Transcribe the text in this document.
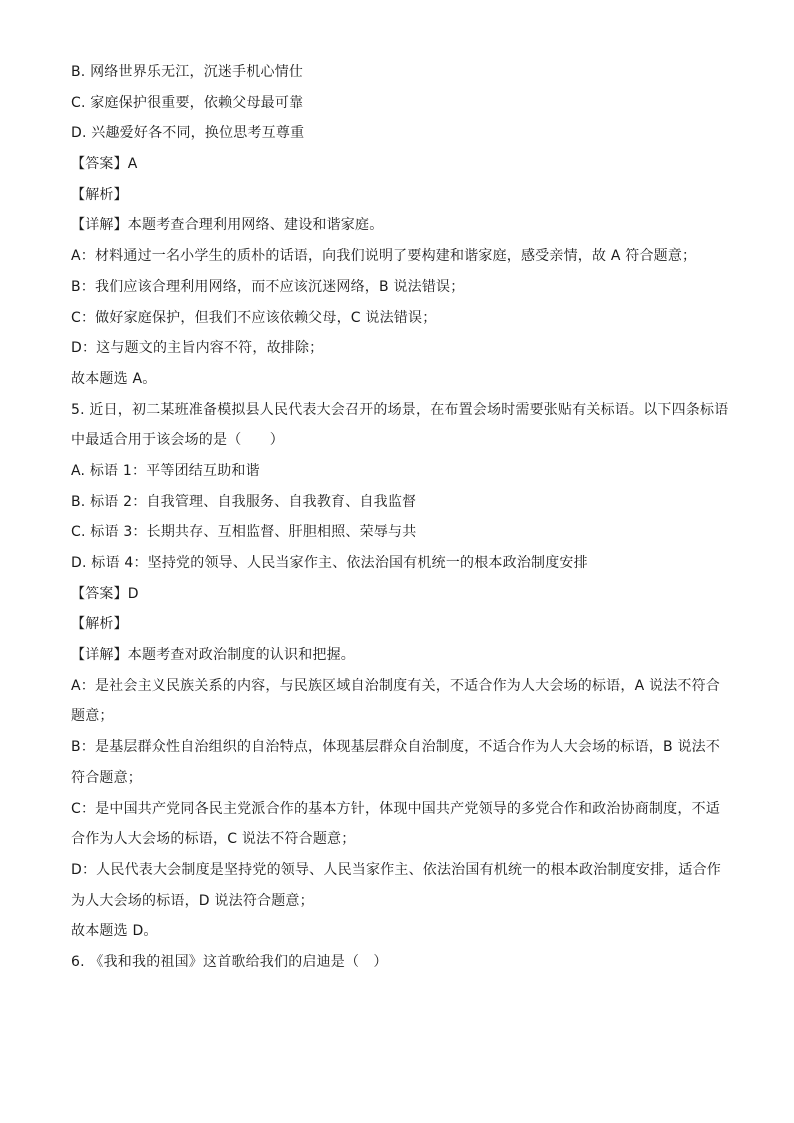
B. 网络世界乐无江，沉迷手机心情仕
C. 家庭保护很重要，依赖父母最可靠
D. 兴趣爱好各不同，换位思考互尊重
【答案】A
【解析】
【详解】本题考查合理利用网络、建设和谐家庭。
A：材料通过一名小学生的质朴的话语，向我们说明了要构建和谐家庭，感受亲情，故 A 符合题意；
B：我们应该合理利用网络，而不应该沉迷网络，B 说法错误；
C：做好家庭保护，但我们不应该依赖父母，C 说法错误；
D：这与题文的主旨内容不符，故排除；
故本题选 A。
5. 近日，初二某班准备模拟县人民代表大会召开的场景，在布置会场时需要张贴有关标语。以下四条标语
中最适合用于该会场的是（　　）
A. 标语 1：平等团结互助和谐
B. 标语 2：自我管理、自我服务、自我教育、自我监督
C. 标语 3：长期共存、互相监督、肝胆相照、荣辱与共
D. 标语 4：坚持党的领导、人民当家作主、依法治国有机统一的根本政治制度安排
【答案】D
【解析】
【详解】本题考查对政治制度的认识和把握。
A：是社会主义民族关系的内容，与民族区域自治制度有关，不适合作为人大会场的标语，A 说法不符合
题意；
B：是基层群众性自治组织的自治特点，体现基层群众自治制度，不适合作为人大会场的标语，B 说法不
符合题意；
C：是中国共产党同各民主党派合作的基本方针，体现中国共产党领导的多党合作和政治协商制度，不适
合作为人大会场的标语，C 说法不符合题意；
D：人民代表大会制度是坚持党的领导、人民当家作主、依法治国有机统一的根本政治制度安排，适合作
为人大会场的标语，D 说法符合题意；
故本题选 D。
6. 《我和我的祖国》这首歌给我们的启迪是（　）
